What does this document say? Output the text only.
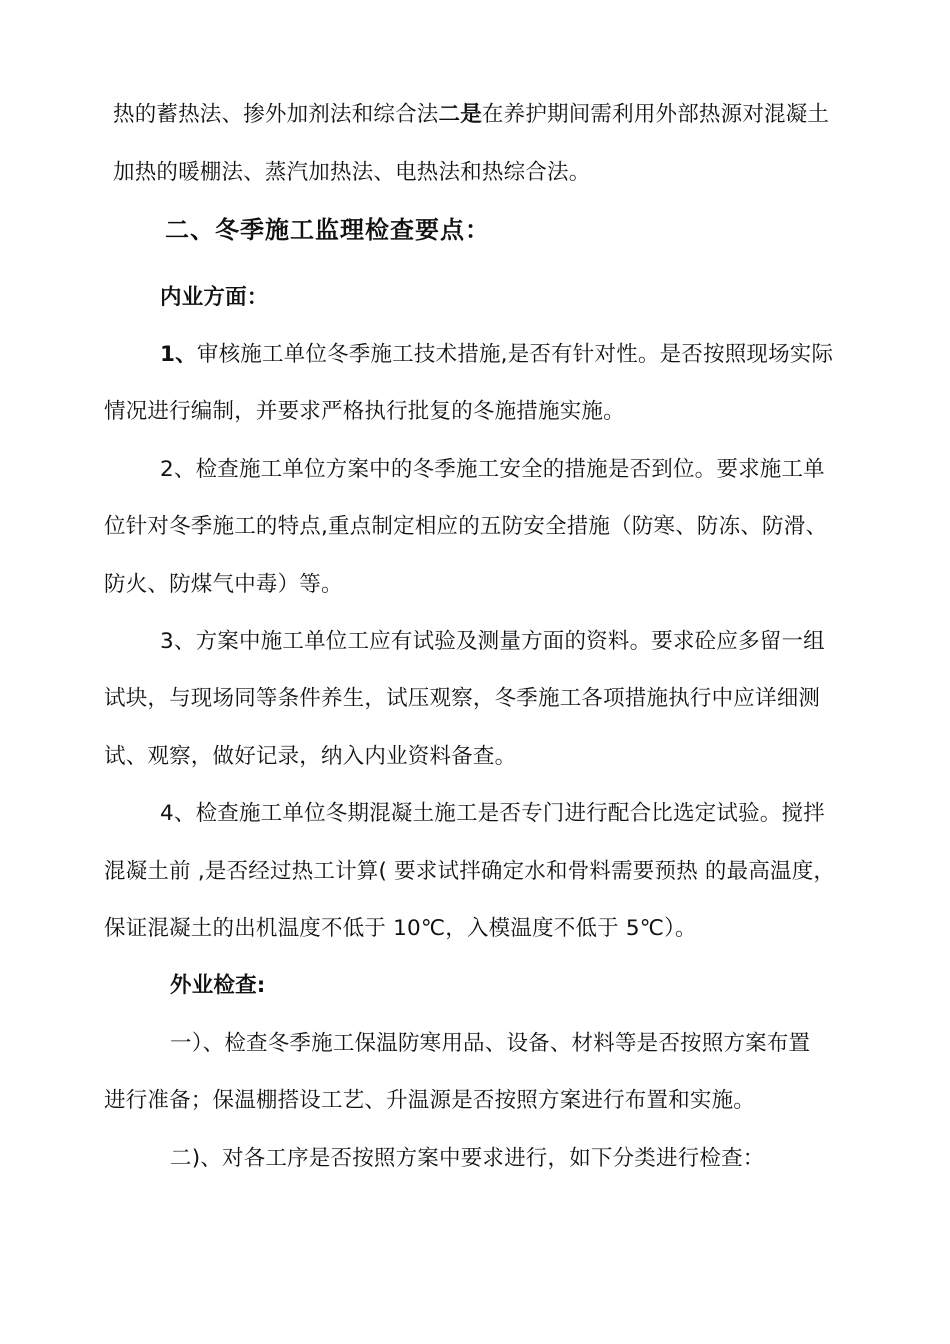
热的蓄热法、掺外加剂法和综合法二是在养护期间需利用外部热源对混凝土

加热的暖棚法、蒸汽加热法、电热法和热综合法。

二、冬季施工监理检查要点：

内业方面：

1、审核施工单位冬季施工技术措施,是否有针对性。是否按照现场实际

情况进行编制，并要求严格执行批复的冬施措施实施。

2、检查施工单位方案中的冬季施工安全的措施是否到位。要求施工单

位针对冬季施工的特点,重点制定相应的五防安全措施（防寒、防冻、防滑、

防火、防煤气中毒）等。

3、方案中施工单位工应有试验及测量方面的资料。要求砼应多留一组

试块，与现场同等条件养生，试压观察，冬季施工各项措施执行中应详细测

试、观察，做好记录，纳入内业资料备查。

4、检查施工单位冬期混凝土施工是否专门进行配合比选定试验。搅拌

混凝土前 ,是否经过热工计算( 要求试拌确定水和骨料需要预热 的最高温度，

保证混凝土的出机温度不低于 10℃，入模温度不低于 5℃）。

外业检查:

一）、检查冬季施工保温防寒用品、设备、材料等是否按照方案布置

进行准备；保温棚搭设工艺、升温源是否按照方案进行布置和实施。

二)、对各工序是否按照方案中要求进行，如下分类进行检查：
